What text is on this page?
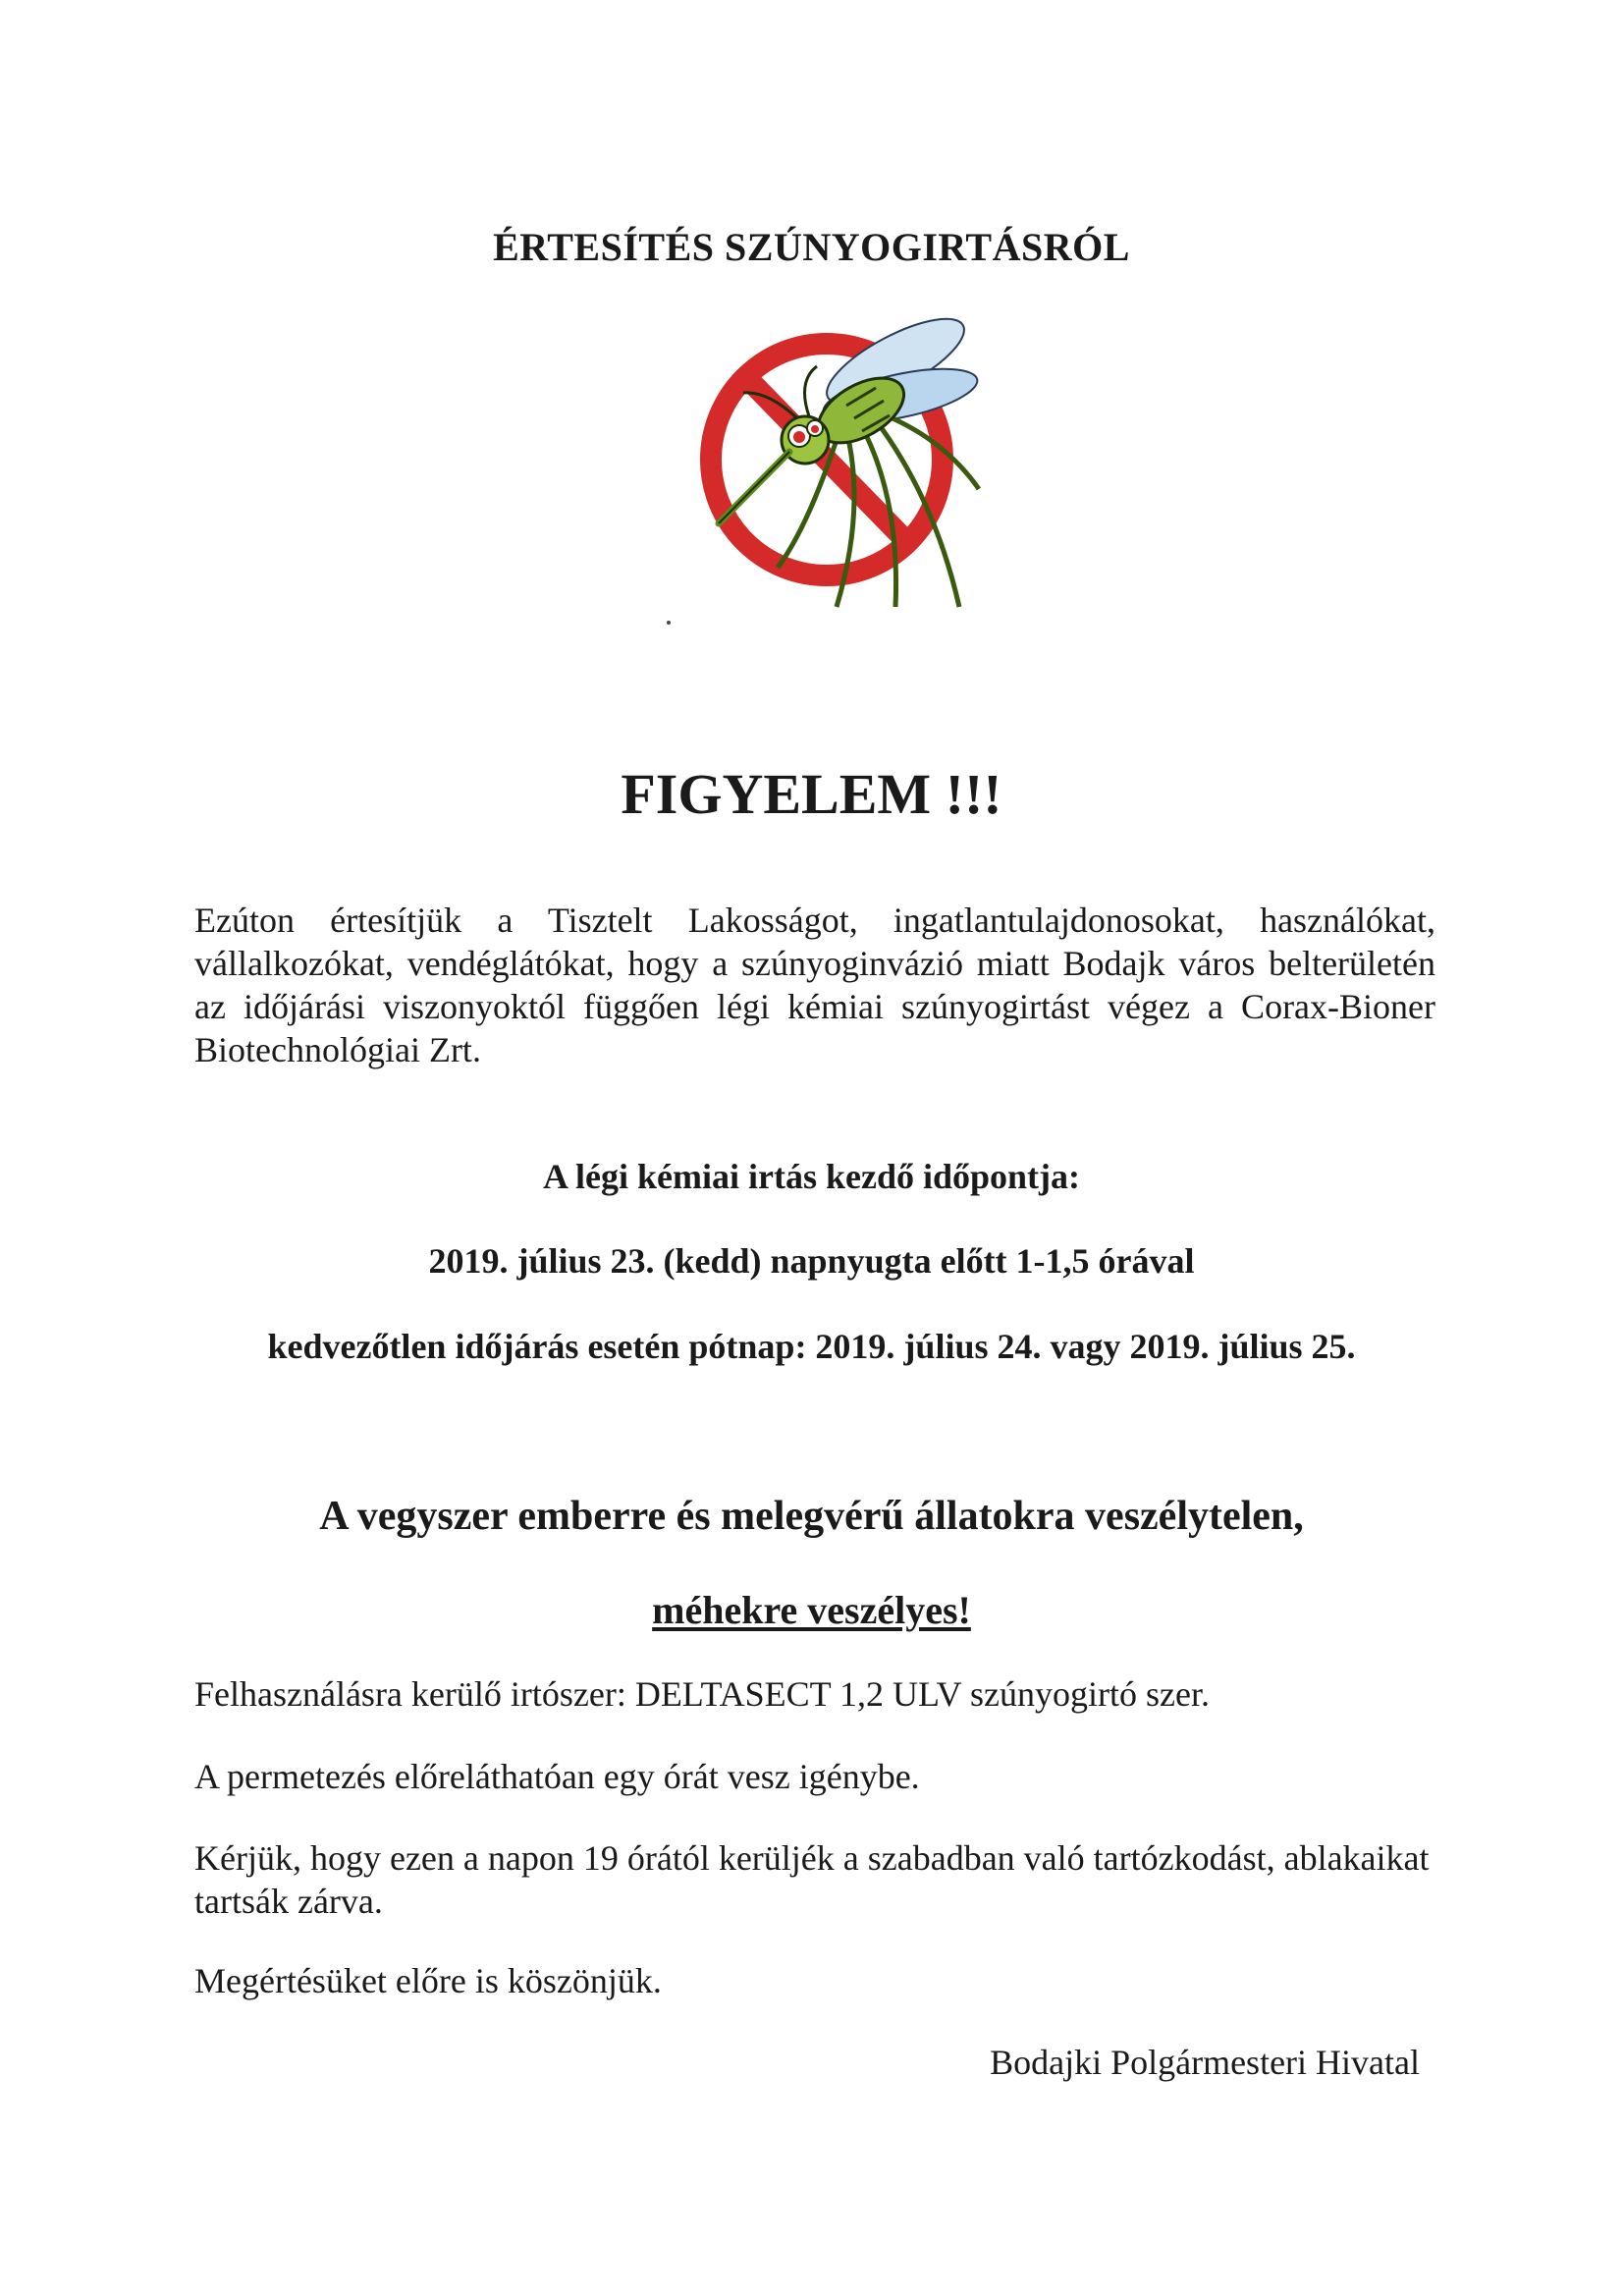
ÉRTESÍTÉS SZÚNYOGIRTÁSRÓL
FIGYELEM !!!

Ezúton értesítjük a Tisztelt Lakosságot, ingatlantulajdonosokat, használókat, vállalkozókat, vendéglátókat, hogy a szúnyoginvázió miatt Bodajk város belterületén az időjárási viszonyoktól függően légi kémiai szúnyogirtást végez a Corax-Bioner Biotechnológiai Zrt.

A légi kémiai irtás kezdő időpontja:

2019. július 23. (kedd) napnyugta előtt 1-1,5 órával

kedvezőtlen időjárás esetén pótnap: 2019. július 24. vagy 2019. július 25.

A vegyszer emberre és melegvérű állatokra veszélytelen,

méhekre veszélyes!

Felhasználásra kerülő irtószer: DELTASECT 1,2 ULV szúnyogirtó szer.

A permetezés előreláthatóan egy órát vesz igénybe.

Kérjük, hogy ezen a napon 19 órától kerüljék a szabadban való tartózkodást, ablakaikat tartsák zárva.

Megértésüket előre is köszönjük.

Bodajki Polgármesteri Hivatal
